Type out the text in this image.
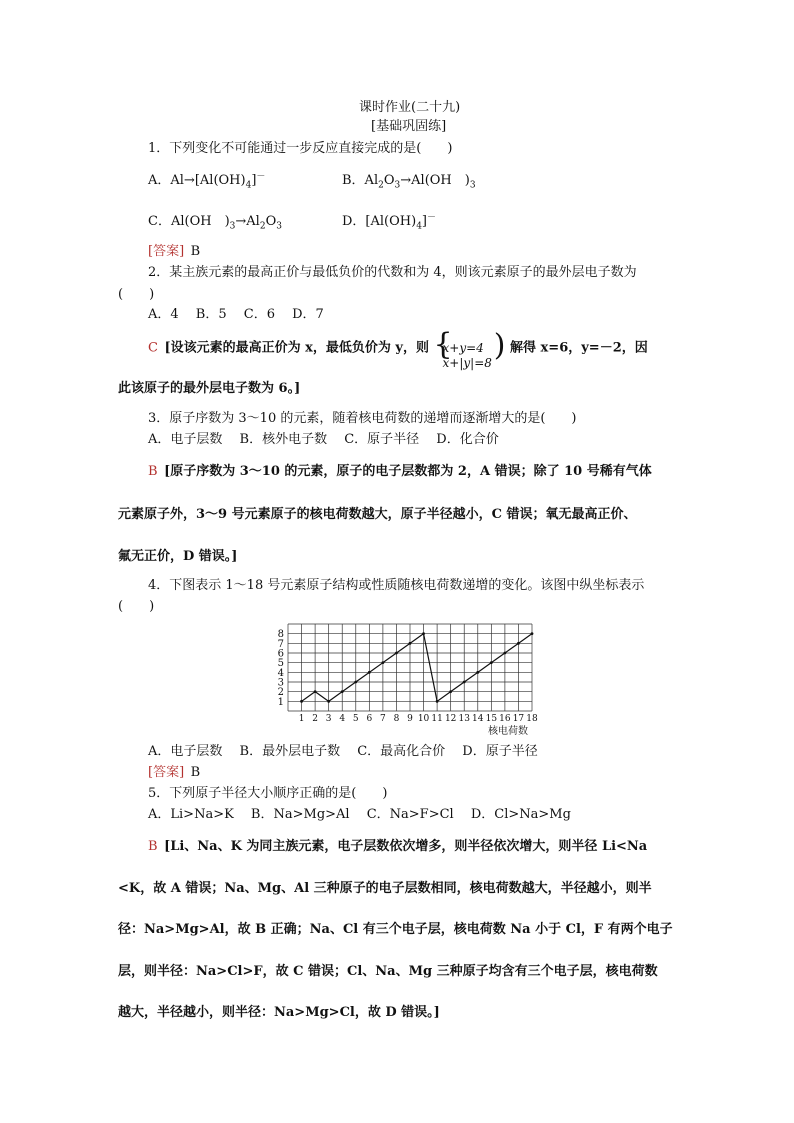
课时作业(二十九)
[基础巩固练]
1．下列变化不可能通过一步反应直接完成的是(　　)
A．$Al\to[Al(OH)_4]^-$	B．$Al_2O_3\to Al(OH$   )$_3$
C．Al(OH   )$_3\to Al_2O_3$	D．$[Al(OH)_4]^-$
[答案]  B
2．某主族元素的最高正价与最低负价的代数和为 4，则该元素原子的最外层电子数为
(　　)
A．4　 B．5　 C．6　 D．7
C  [设该元素的最高正价为 x，最低负价为 y，则 {
x+y=4
x+|y|=8 ) 解得 x=6，y=－2，因
此该原子的最外层电子数为 6。]
3．原子序数为 3～10 的元素，随着核电荷数的递增而逐渐增大的是(　　)
A．电子层数　 B．核外电子数　 C．原子半径　 D．化合价
B  [原子序数为 3～10 的元素，原子的电子层数都为 2，A 错误；除了 10 号稀有气体
元素原子外，3～9 号元素原子的核电荷数越大，原子半径越小，C 错误；氧无最高正价、
氟无正价，D 错误。]
4．下图表示 1～18 号元素原子结构或性质随核电荷数递增的变化。该图中纵坐标表示
(　　)
1
2
3
4
5
6
7
8
1 2 3 4 5 6 7 8 9 10 11 12 13 14 15 16 17 18
核电荷数
A．电子层数　 B．最外层电子数　 C．最高化合价　 D．原子半径
[答案]  B
5．下列原子半径大小顺序正确的是(　　)
A．Li>Na>K　 B．Na>Mg>Al　 C．Na>F>Cl　 D．Cl>Na>Mg
B  [Li、Na、K 为同主族元素，电子层数依次增多，则半径依次增大，则半径 Li<Na
<K，故 A 错误；Na、Mg、Al 三种原子的电子层数相同，核电荷数越大，半径越小，则半
径：Na>Mg>Al，故 B 正确；Na、Cl 有三个电子层，核电荷数 Na 小于 Cl，F 有两个电子
层，则半径：Na>Cl>F，故 C 错误；Cl、Na、Mg 三种原子均含有三个电子层，核电荷数
越大，半径越小，则半径：Na>Mg>Cl，故 D 错误。]
